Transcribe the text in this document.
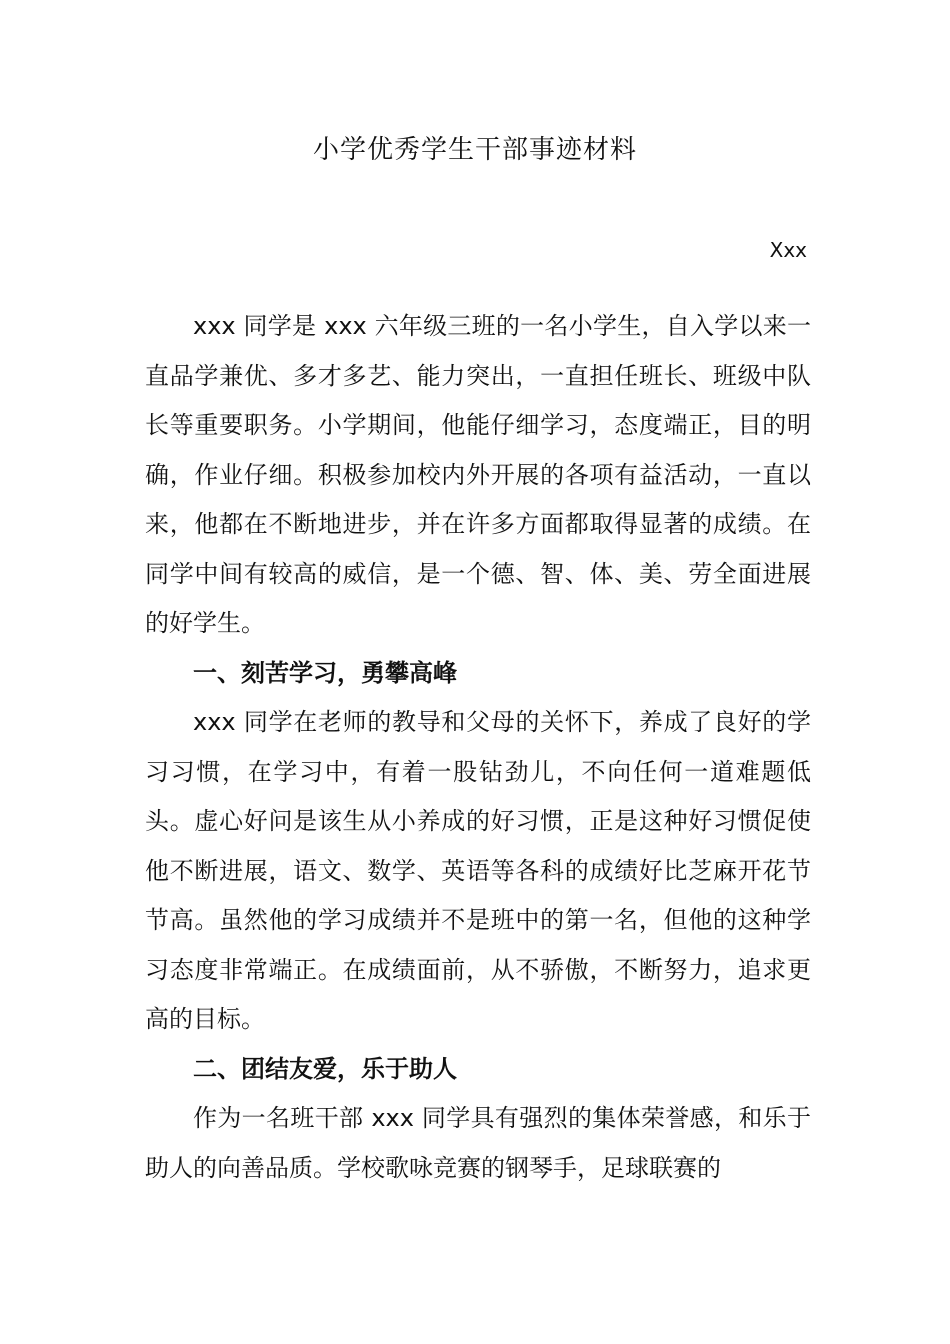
小学优秀学生干部事迹材料
Xxx

xxx 同学是 xxx 六年级三班的一名小学生，自入学以来一直品学兼优、多才多艺、能力突出，一直担任班长、班级中队长等重要职务。小学期间，他能仔细学习，态度端正，目的明确，作业仔细。积极参加校内外开展的各项有益活动，一直以来，他都在不断地进步，并在许多方面都取得显著的成绩。在同学中间有较高的威信，是一个德、智、体、美、劳全面进展的好学生。

一、刻苦学习，勇攀高峰

xxx 同学在老师的教导和父母的关怀下，养成了良好的学习习惯，在学习中，有着一股钻劲儿，不向任何一道难题低头。虚心好问是该生从小养成的好习惯，正是这种好习惯促使他不断进展，语文、数学、英语等各科的成绩好比芝麻开花节节高。虽然他的学习成绩并不是班中的第一名，但他的这种学习态度非常端正。在成绩面前，从不骄傲，不断努力，追求更高的目标。

二、团结友爱，乐于助人

作为一名班干部 xxx 同学具有强烈的集体荣誉感，和乐于助人的向善品质。学校歌咏竞赛的钢琴手，足球联赛的
